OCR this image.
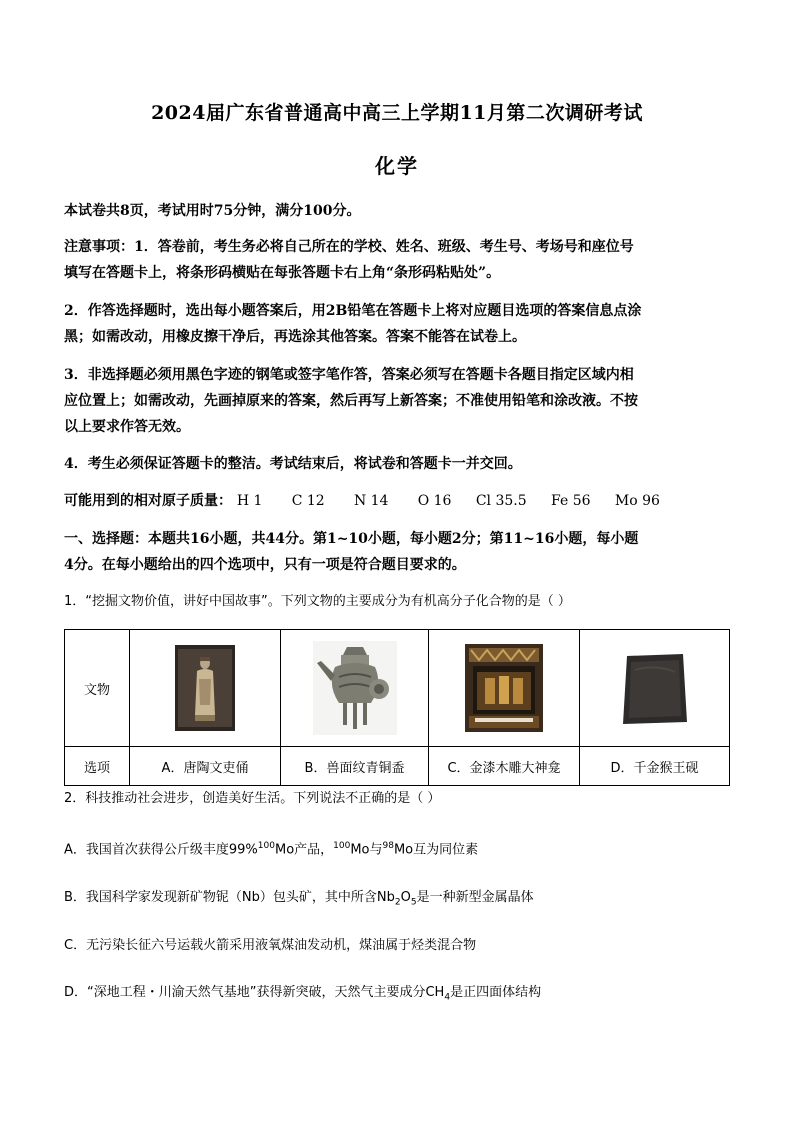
2024届广东省普通高中高三上学期11月第二次调研考试
化学
本试卷共8页，考试用时75分钟，满分100分。
注意事项：1．答卷前，考生务必将自己所在的学校、姓名、班级、考生号、考场号和座位号
填写在答题卡上，将条形码横贴在每张答题卡右上角“条形码粘贴处”。
2．作答选择题时，选出每小题答案后，用2B铅笔在答题卡上将对应题目选项的答案信息点涂
黑；如需改动，用橡皮擦干净后，再选涂其他答案。答案不能答在试卷上。
3．非选择题必须用黑色字迹的钢笔或签字笔作答，答案必须写在答题卡各题目指定区域内相
应位置上；如需改动，先画掉原来的答案，然后再写上新答案；不准使用铅笔和涂改液。不按
以上要求作答无效。
4．考生必须保证答题卡的整洁。考试结束后，将试卷和答题卡一并交回。
可能用到的相对原子质量： H 1 C 12 N 14 O 16 Cl 35.5 Fe 56 Mo 96
一、选择题：本题共16小题，共44分。第1~10小题，每小题2分；第11~16小题，每小题
4分。在每小题给出的四个选项中，只有一项是符合题目要求的。
1．“挖掘文物价值，讲好中国故事”。下列文物的主要成分为有机高分子化合物的是（ ）
文物	

选项	A．唐陶文吏俑	B．兽面纹青铜盉	C．金漆木雕大神龛	D．千金猴王砚
2．科技推动社会进步，创造美好生活。下列说法不正确的是（ ）
A．我国首次获得公斤级丰度99%$^{100}$Mo产品，$^{100}$Mo与$^{98}$Mo互为同位素
B．我国科学家发现新矿物铌（Nb）包头矿，其中所含$Nb_2O_5$是一种新型金属晶体
C．无污染长征六号运载火箭采用液氧煤油发动机，煤油属于烃类混合物
D．“深地工程・川渝天然气基地”获得新突破，天然气主要成分$CH_4$是正四面体结构
